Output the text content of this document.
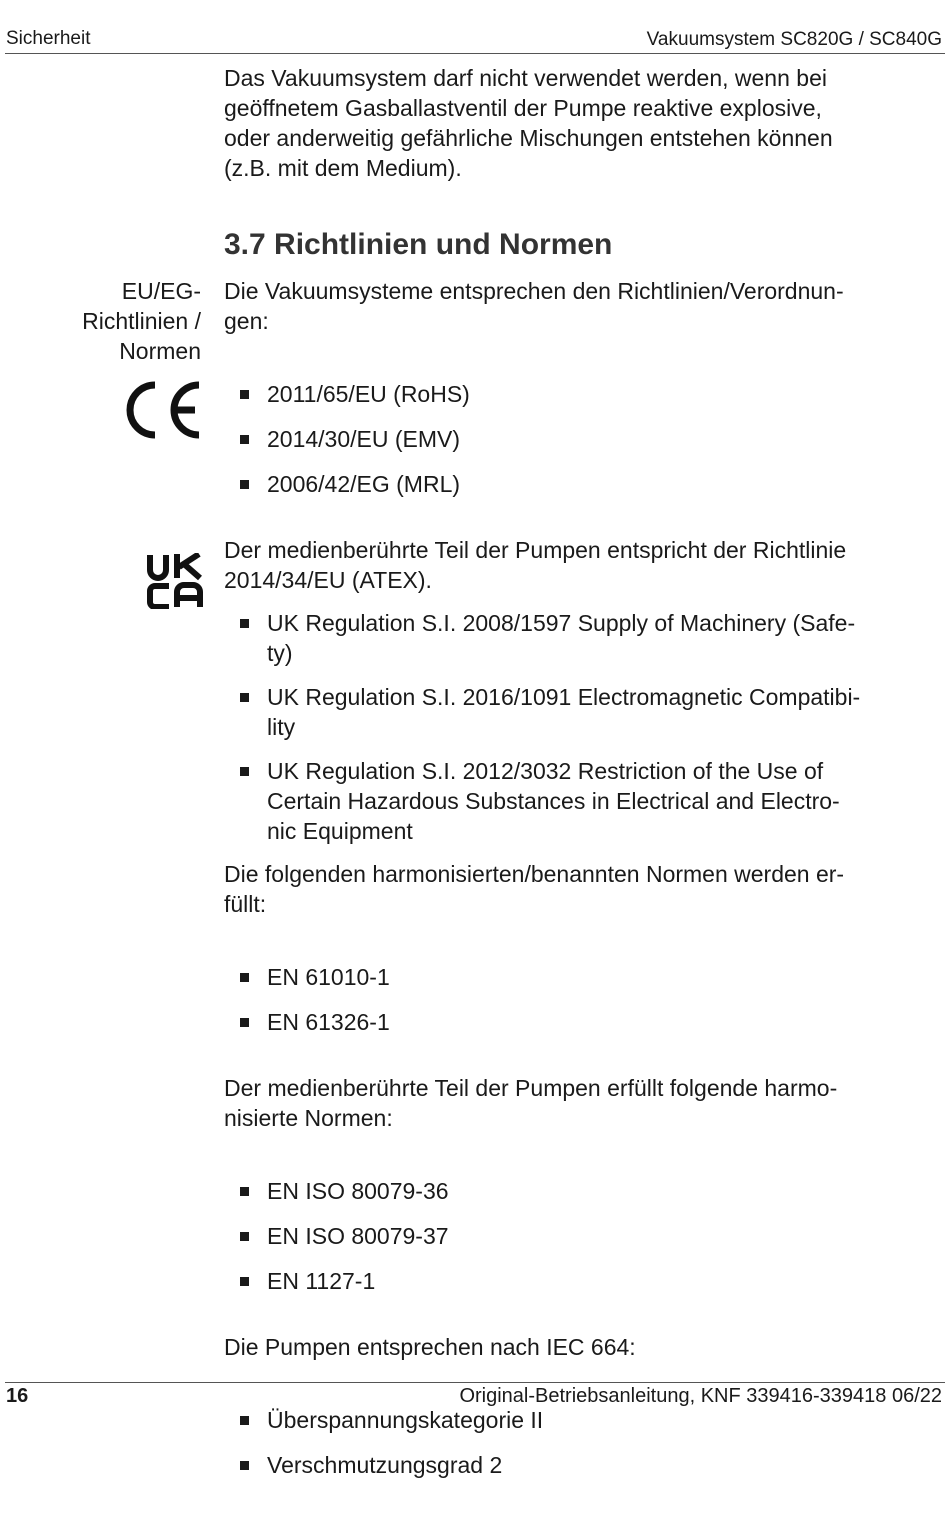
Sicherheit	Vakuumsystem SC820G / SC840G
Das Vakuumsystem darf nicht verwendet werden, wenn bei
geöffnetem Gasballastventil der Pumpe reaktive explosive,
oder anderweitig gefährliche Mischungen entstehen können
(z.B. mit dem Medium).
3.7 Richtlinien und Normen
EU/EG-
Richtlinien /
Normen

Die Vakuumsysteme entsprechen den Richtlinien/Verordnun-
gen:

2011/65/EU (RoHS)
2014/30/EU (EMV)
2006/42/EG (MRL)

Der medienberührte Teil der Pumpen entspricht der Richtlinie
2014/34/EU (ATEX).

UK Regulation S.I. 2008/1597 Supply of Machinery (Safe-
ty)
UK Regulation S.I. 2016/1091 Electromagnetic Compatibi-
lity
UK Regulation S.I. 2012/3032 Restriction of the Use of
Certain Hazardous Substances in Electrical and Electro-
nic Equipment

Die folgenden harmonisierten/benannten Normen werden er-
füllt:

EN 61010-1
EN 61326-1

Der medienberührte Teil der Pumpen erfüllt folgende harmo-
nisierte Normen:

EN ISO 80079-36
EN ISO 80079-37
EN 1127-1

Die Pumpen entsprechen nach IEC 664:

Überspannungskategorie II
Verschmutzungsgrad 2
16	Original-Betriebsanleitung, KNF 339416-339418 06/22
